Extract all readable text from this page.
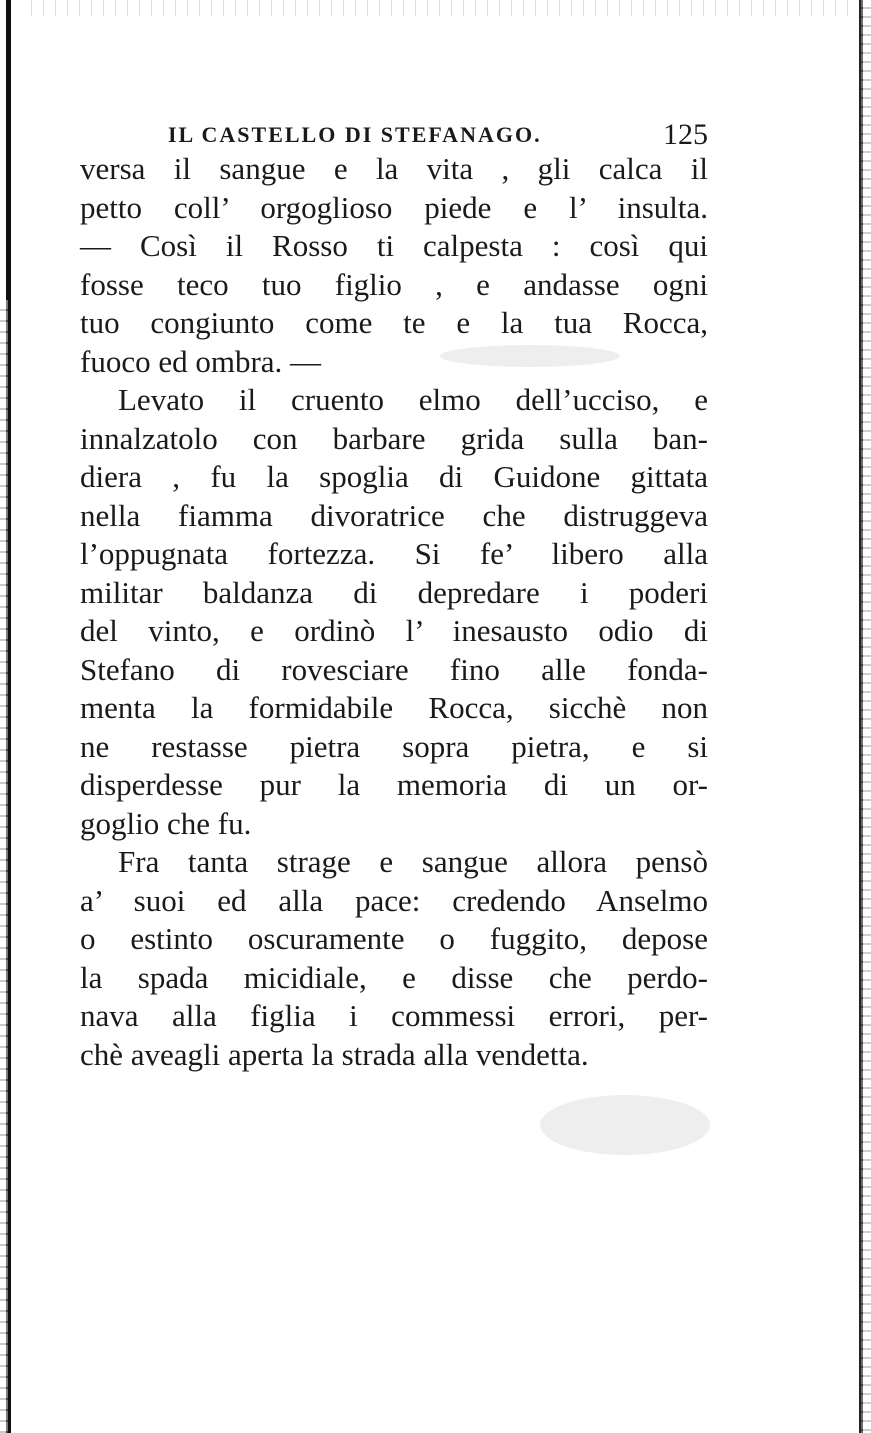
IL CASTELLO DI STEFANAGO.	125
versa il sangue e la vita , gli calca il
petto coll’ orgoglioso piede e l’ insulta.
— Così il Rosso ti calpesta : così qui
fosse teco tuo figlio , e andasse ogni
tuo congiunto come te e la tua Rocca,
fuoco ed ombra. —
Levato il cruento elmo dell’ucciso, e
innalzatolo con barbare grida sulla ban-
diera , fu la spoglia di Guidone gittata
nella fiamma divoratrice che distruggeva
l’oppugnata fortezza. Si fe’ libero alla
militar baldanza di depredare i poderi
del vinto, e ordinò l’ inesausto odio di
Stefano di rovesciare fino alle fonda-
menta la formidabile Rocca, sicchè non
ne restasse pietra sopra pietra, e si
disperdesse pur la memoria di un or-
goglio che fu.
Fra tanta strage e sangue allora pensò
a’ suoi ed alla pace: credendo Anselmo
o estinto oscuramente o fuggito, depose
la spada micidiale, e disse che perdo-
nava alla figlia i commessi errori, per-
chè aveagli aperta la strada alla vendetta.
